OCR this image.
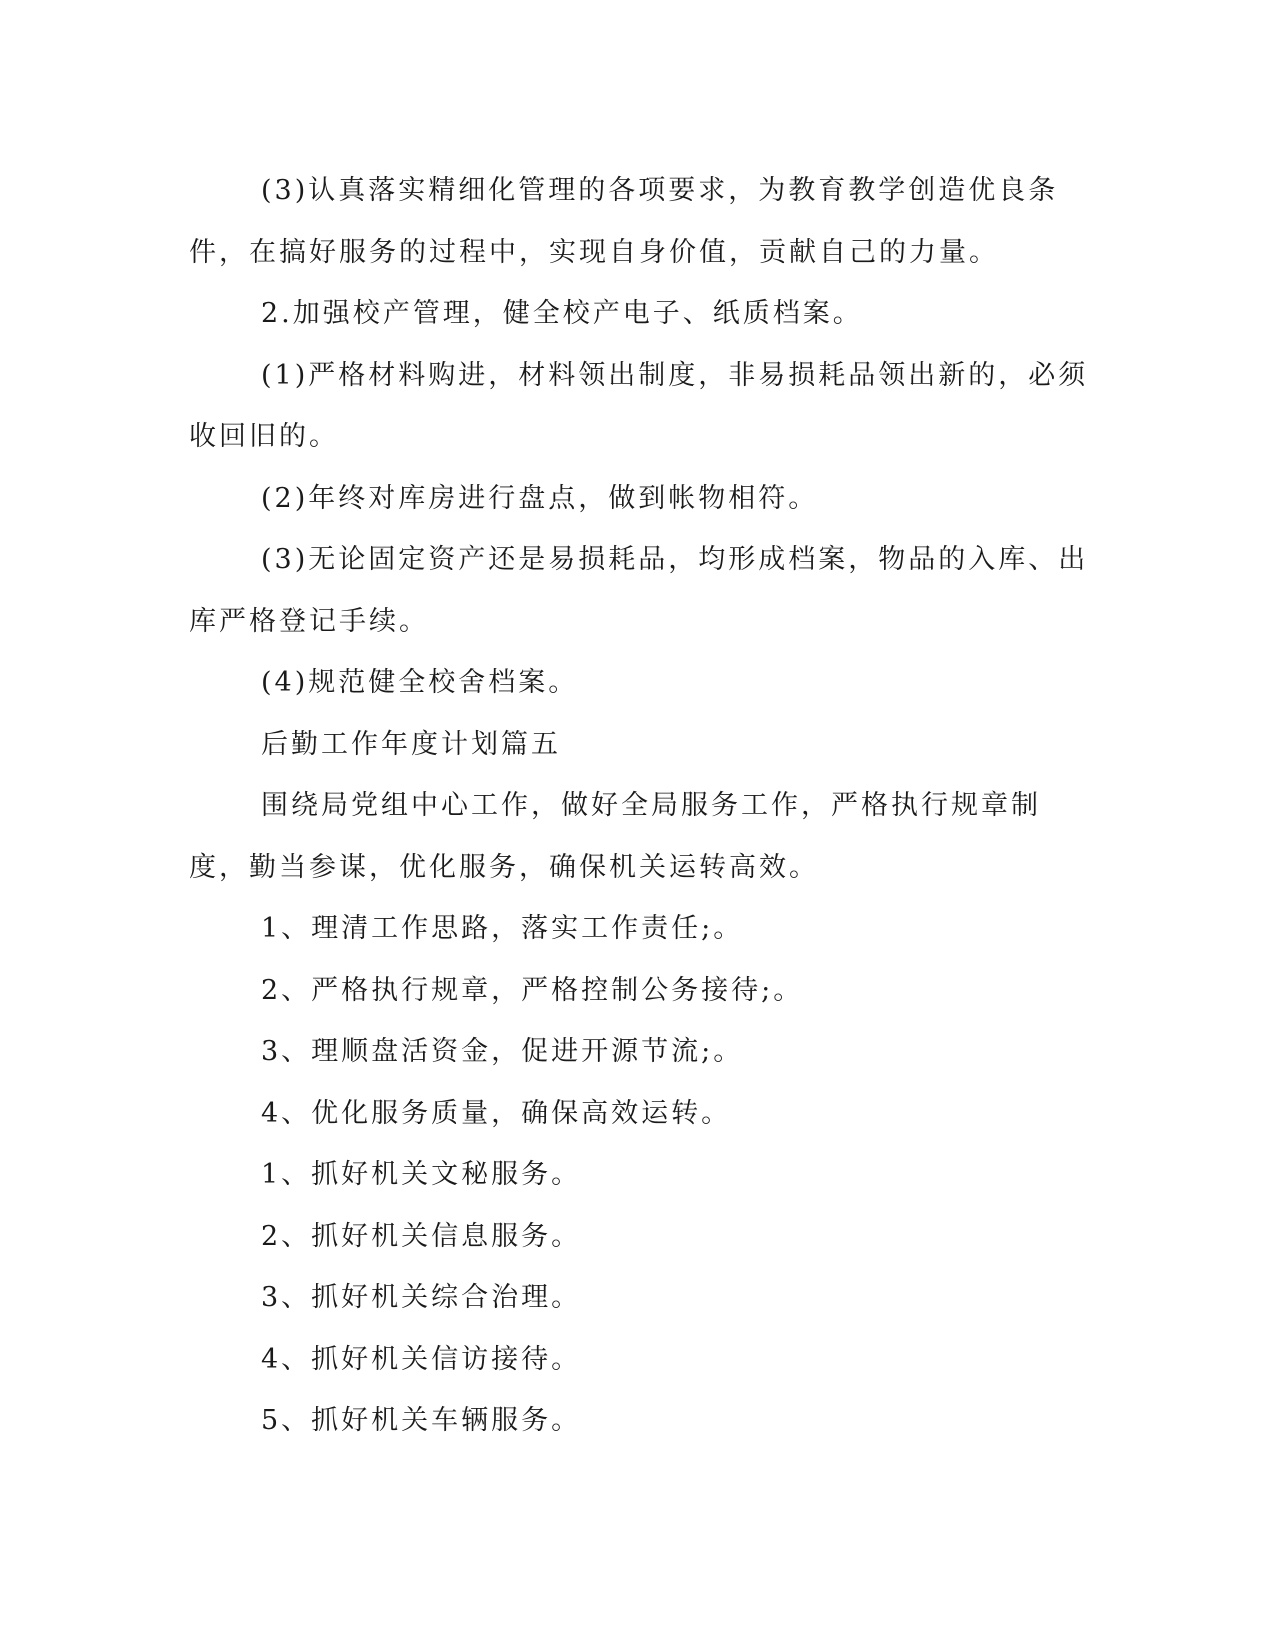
(3)认真落实精细化管理的各项要求，为教育教学创造优良条件，在搞好服务的过程中，实现自身价值，贡献自己的力量。

2.加强校产管理，健全校产电子、纸质档案。

(1)严格材料购进，材料领出制度，非易损耗品领出新的，必须收回旧的。

(2)年终对库房进行盘点，做到帐物相符。

(3)无论固定资产还是易损耗品，均形成档案，物品的入库、出库严格登记手续。

(4)规范健全校舍档案。

后勤工作年度计划篇五

围绕局党组中心工作，做好全局服务工作，严格执行规章制度，勤当参谋，优化服务，确保机关运转高效。

1、理清工作思路，落实工作责任;。

2、严格执行规章，严格控制公务接待;。

3、理顺盘活资金，促进开源节流;。

4、优化服务质量，确保高效运转。

1、抓好机关文秘服务。

2、抓好机关信息服务。

3、抓好机关综合治理。

4、抓好机关信访接待。

5、抓好机关车辆服务。
